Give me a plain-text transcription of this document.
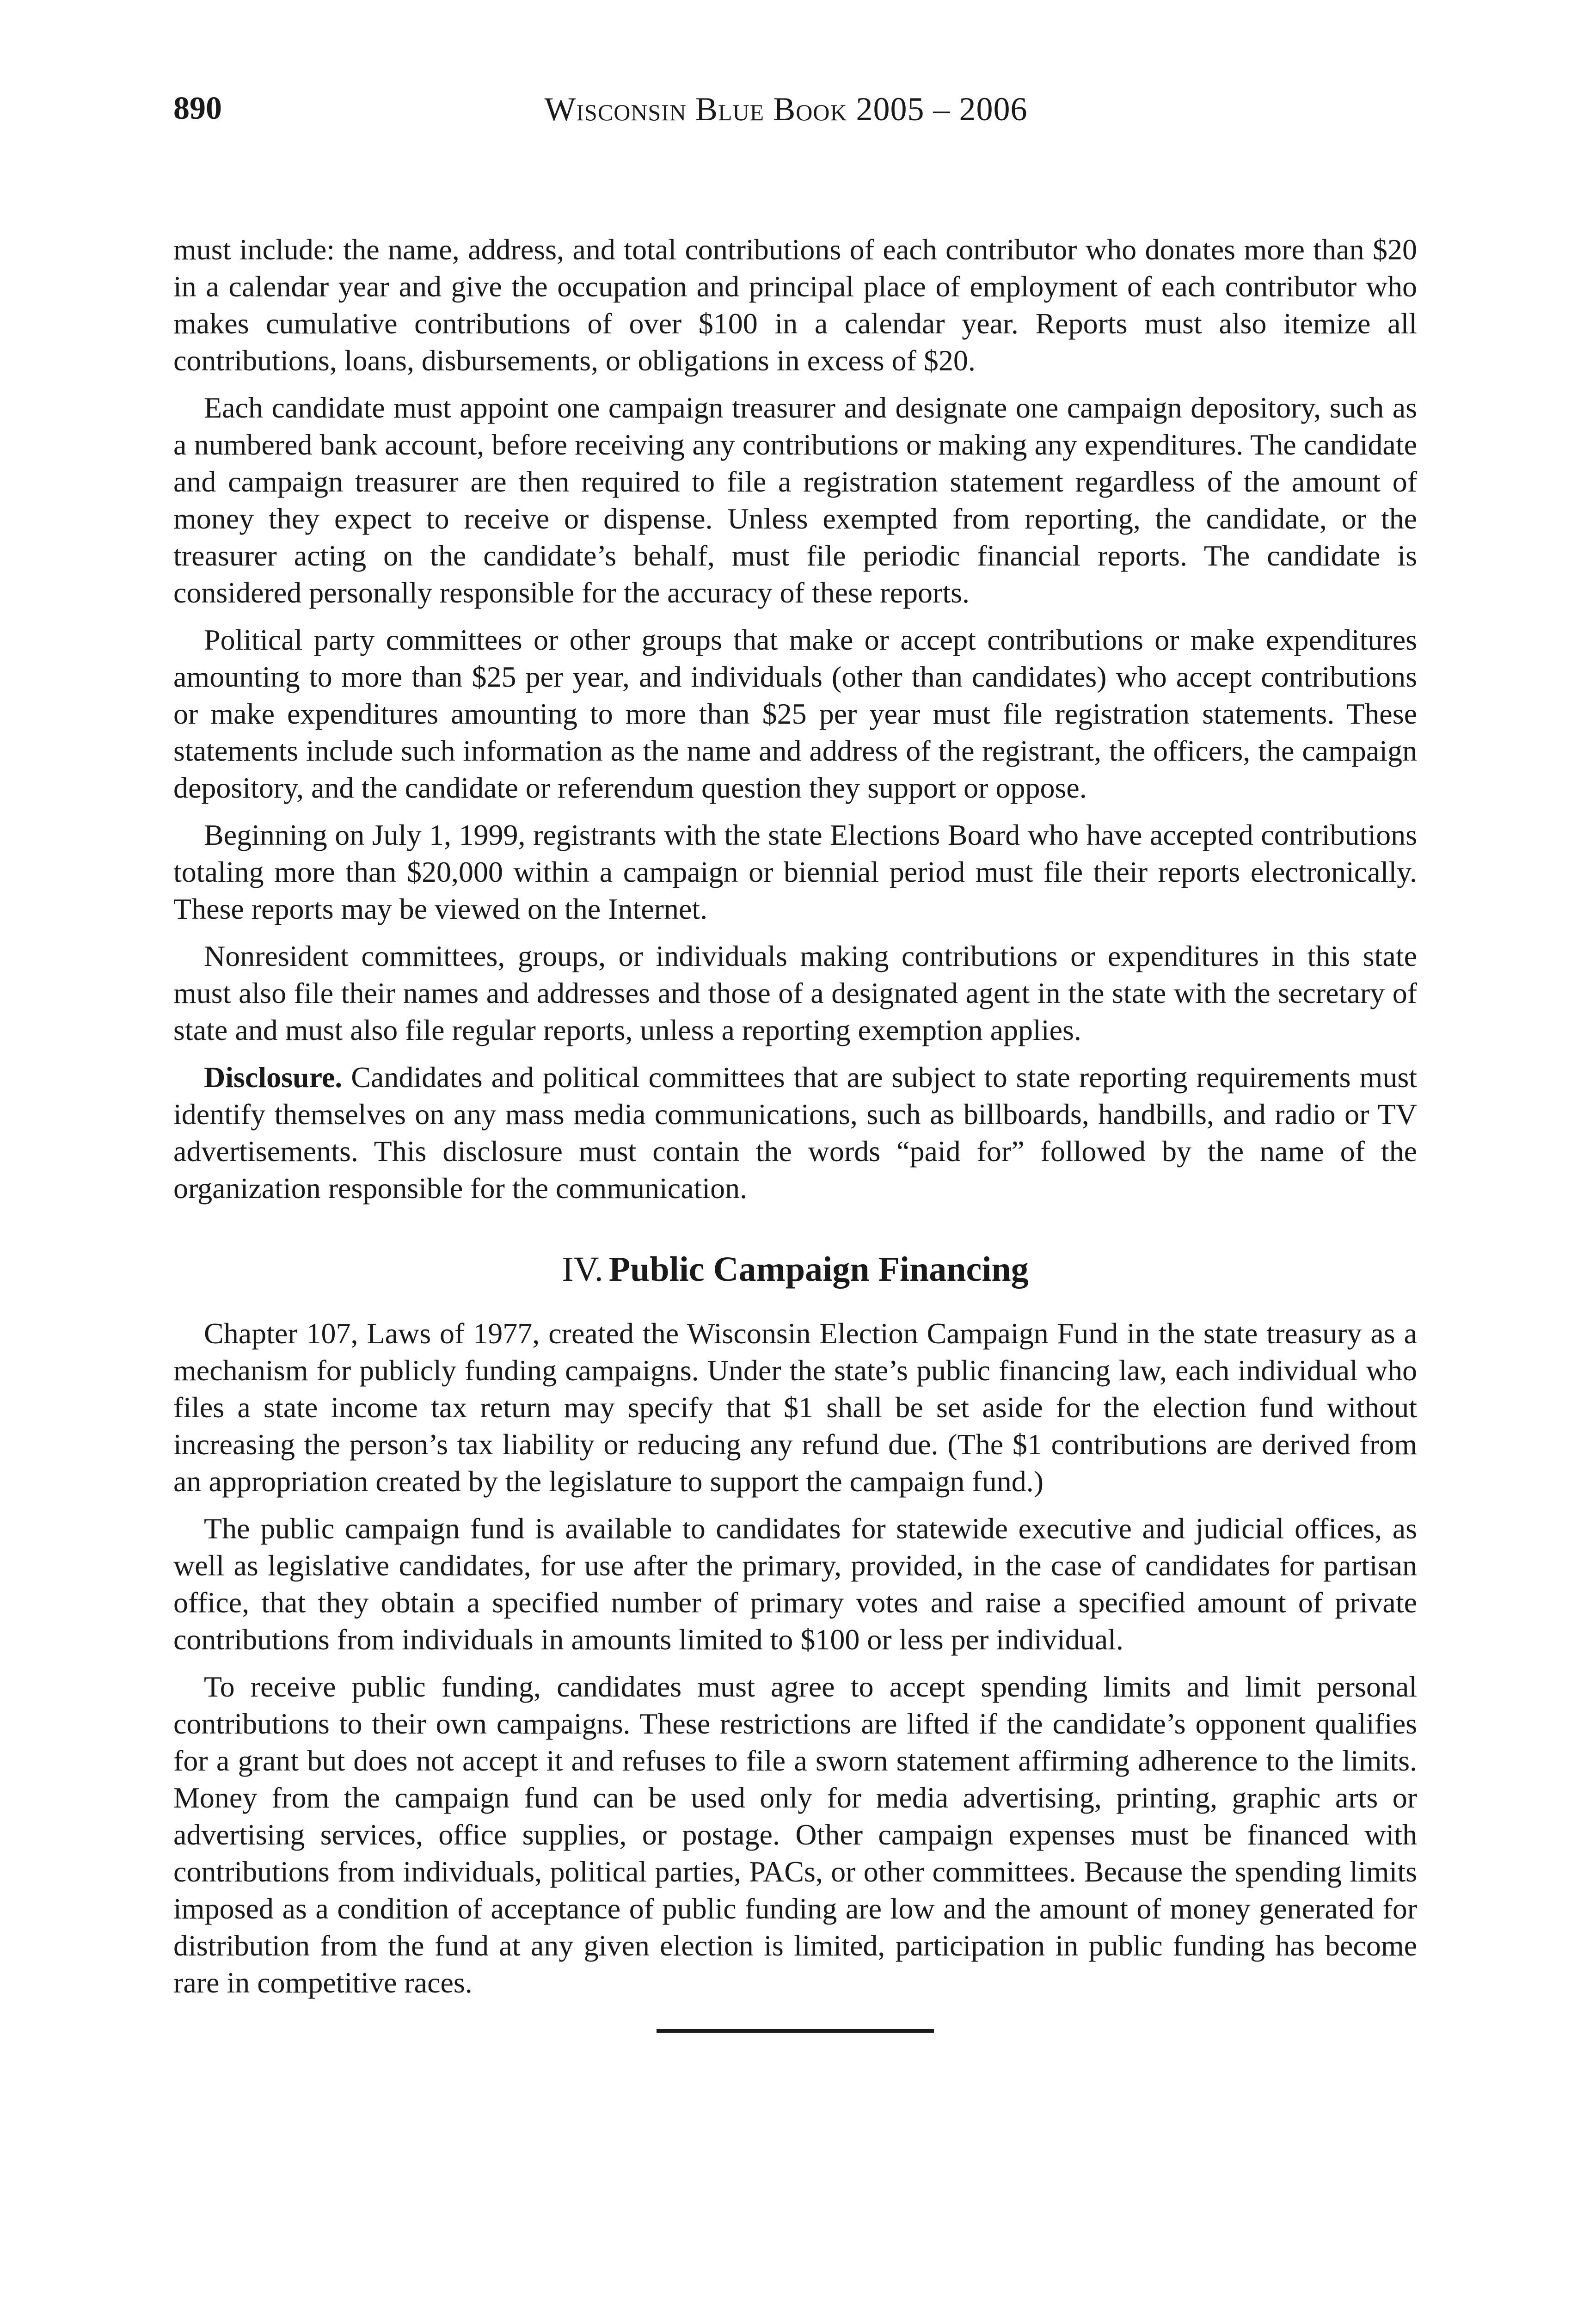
890	Wisconsin Blue Book 2005 – 2006

must include: the name, address, and total contributions of each contributor who donates more than $20 in a calendar year and give the occupation and principal place of employment of each contributor who makes cumulative contributions of over $100 in a calendar year. Reports must also itemize all contributions, loans, disbursements, or obligations in excess of $20.

Each candidate must appoint one campaign treasurer and designate one campaign depository, such as a numbered bank account, before receiving any contributions or making any expenditures. The candidate and campaign treasurer are then required to file a registration statement regardless of the amount of money they expect to receive or dispense. Unless exempted from reporting, the candidate, or the treasurer acting on the candidate’s behalf, must file periodic financial reports. The candidate is considered personally responsible for the accuracy of these reports.

Political party committees or other groups that make or accept contributions or make expenditures amounting to more than $25 per year, and individuals (other than candidates) who accept contributions or make expenditures amounting to more than $25 per year must file registration statements. These statements include such information as the name and address of the registrant, the officers, the campaign depository, and the candidate or referendum question they support or oppose.

Beginning on July 1, 1999, registrants with the state Elections Board who have accepted contributions totaling more than $20,000 within a campaign or biennial period must file their reports electronically. These reports may be viewed on the Internet.

Nonresident committees, groups, or individuals making contributions or expenditures in this state must also file their names and addresses and those of a designated agent in the state with the secretary of state and must also file regular reports, unless a reporting exemption applies.

Disclosure. Candidates and political committees that are subject to state reporting requirements must identify themselves on any mass media communications, such as billboards, handbills, and radio or TV advertisements. This disclosure must contain the words “paid for” followed by the name of the organization responsible for the communication.

IV. Public Campaign Financing

Chapter 107, Laws of 1977, created the Wisconsin Election Campaign Fund in the state treasury as a mechanism for publicly funding campaigns. Under the state’s public financing law, each individual who files a state income tax return may specify that $1 shall be set aside for the election fund without increasing the person’s tax liability or reducing any refund due. (The $1 contributions are derived from an appropriation created by the legislature to support the campaign fund.)

The public campaign fund is available to candidates for statewide executive and judicial offices, as well as legislative candidates, for use after the primary, provided, in the case of candidates for partisan office, that they obtain a specified number of primary votes and raise a specified amount of private contributions from individuals in amounts limited to $100 or less per individual.

To receive public funding, candidates must agree to accept spending limits and limit personal contributions to their own campaigns. These restrictions are lifted if the candidate’s opponent qualifies for a grant but does not accept it and refuses to file a sworn statement affirming adherence to the limits. Money from the campaign fund can be used only for media advertising, printing, graphic arts or advertising services, office supplies, or postage. Other campaign expenses must be financed with contributions from individuals, political parties, PACs, or other committees. Because the spending limits imposed as a condition of acceptance of public funding are low and the amount of money generated for distribution from the fund at any given election is limited, participation in public funding has become rare in competitive races.
